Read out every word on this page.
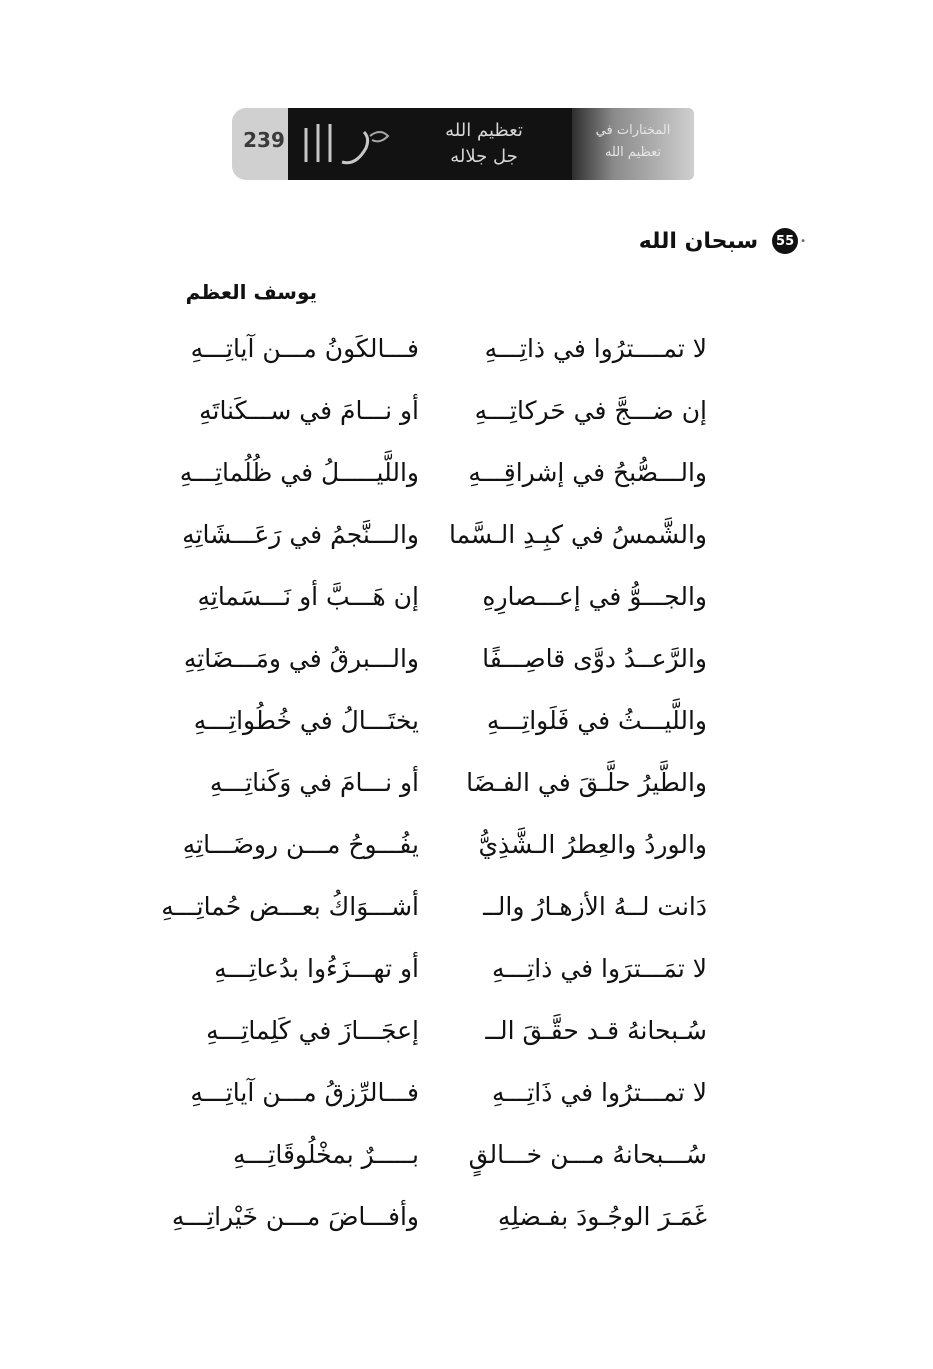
المختارات في
تعظيم الله
239	تعظيم الله
جل جلاله
•
55
سبحان الله
يوسف العظم
لا تمــــترُوا في ذاتِـــهِ
فـــالكَونُ مـــن آياتِـــهِ
إن ضـــجَّ في حَركاتِـــهِ
أو نـــامَ في ســـكَناتَهِ
والـــصُّبحُ في إشراقِـــهِ
واللَّيـــــلُ في ظُلُماتِـــهِ
والشَّمسُ في كبِـدِ الـسَّما
والـــنَّجمُ في رَعَـــشَاتِهِ
والجـــوُّ في إعـــصارِهِ
إن هَـــبَّ أو نَـــسَماتِهِ
والرَّعــدُ دوَّى قاصِـــفًا
والـــبرقُ في ومَـــضَاتِهِ
واللَّيـــثُ في فَلَواتِـــهِ
يختَـــالُ في خُطُواتِـــهِ
والطَّيرُ حلَّـقَ في الفـضَا
أو نـــامَ في وَكَناتِـــهِ
والوردُ والعِطرُ الـشَّذِيُّ
يفُـــوحُ مـــن روضَـــاتِهِ
دَانت لــهُ الأزهـارُ والــ
أشـــوَاكُ بعـــض حُماتِـــهِ
لا تمَـــترَوا في ذاتِـــهِ
أو تهـــزَءُوا بدُعاتِـــهِ
سُـبحانهُ قـد حقَّـقَ الــ
إعجَـــازَ في كَلِماتِـــهِ
لا تمـــترُوا في ذَاتِـــهِ
فـــالرِّزقُ مـــن آياتِـــهِ
سُـــبحانهُ مـــن خـــالقٍ
بـــــرٌ بمخْلُوقَاتِـــهِ
غَمَـرَ الوجُـودَ بفـضلِهِ
وأفـــاضَ مـــن خَيْراتِـــهِ
